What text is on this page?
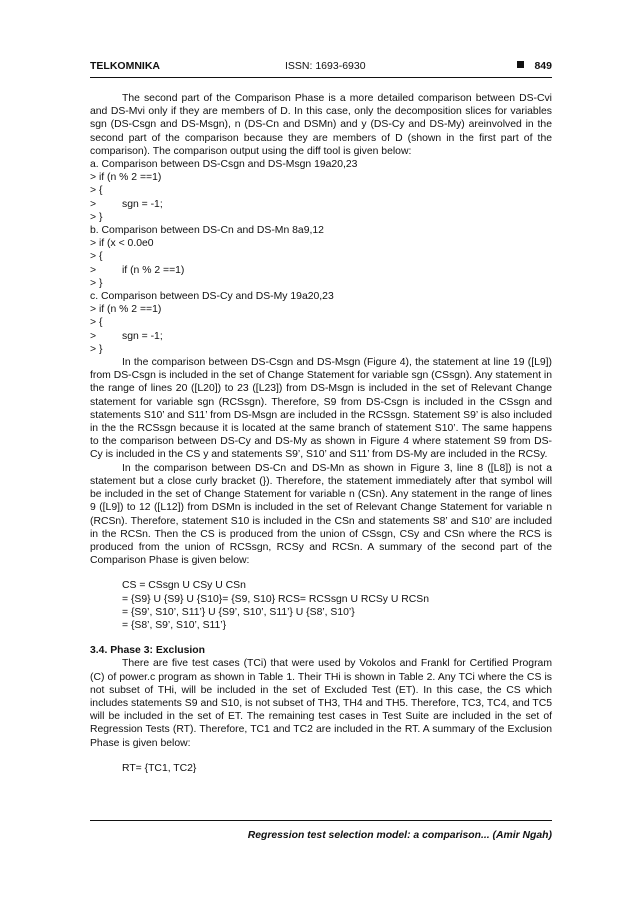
TELKOMNIKA	ISSN: 1693-6930	849

The second part of the Comparison Phase is a more detailed comparison between DS-Cvi and DS-Mvi only if they are members of D. In this case, only the decomposition slices for variables sgn (DS-Csgn and DS-Msgn), n (DS-Cn and DSMn) and y (DS-Cy and DS-My) areinvolved in the second part of the comparison because they are members of D (shown in the first part of the comparison). The comparison output using the diff tool is given below:

a. Comparison between DS-Csgn and DS-Msgn 19a20,23

> if (n % 2 ==1)

> {

> sgn = -1;

> }

b. Comparison between DS-Cn and DS-Mn 8a9,12

> if (x < 0.0e0

> {

> if (n % 2 ==1)

> }

c. Comparison between DS-Cy and DS-My 19a20,23

> if (n % 2 ==1)

> {

> sgn = -1;

> }

In the comparison between DS-Csgn and DS-Msgn (Figure 4), the statement at line 19 ([L9]) from DS-Csgn is included in the set of Change Statement for variable sgn (CSsgn). Any statement in the range of lines 20 ([L20]) to 23 ([L23]) from DS-Msgn is included in the set of Relevant Change statement for variable sgn (RCSsgn). Therefore, S9 from DS-Csgn is included in the CSsgn and statements S10’ and S11’ from DS-Msgn are included in the RCSsgn. Statement S9’ is also included in the the RCSsgn because it is located at the same branch of statement S10’. The same happens to the comparison between DS-Cy and DS-My as shown in Figure 4 where statement S9 from DS-Cy is included in the CS y and statements S9’, S10’ and S11’ from DS-My are included in the RCSy.

In the comparison between DS-Cn and DS-Mn as shown in Figure 3, line 8 ([L8]) is not a statement but a close curly bracket (}). Therefore, the statement immediately after that symbol will be included in the set of Change Statement for variable n (CSn). Any statement in the range of lines 9 ([L9]) to 12 ([L12]) from DSMn is included in the set of Relevant Change Statement for variable n (RCSn). Therefore, statement S10 is included in the CSn and statements S8’ and S10’ are included in the RCSn. Then the CS is produced from the union of CSsgn, CSy and CSn where the RCS is produced from the union of RCSsgn, RCSy and RCSn. A summary of the second part of the Comparison Phase is given below:

CS = CSsgn U CSy U CSn
= {S9} U {S9} U {S10}= {S9, S10} RCS= RCSsgn U RCSy U RCSn
= {S9’, S10’, S11’} U {S9’, S10’, S11’} U {S8’, S10’}
= {S8’, S9’, S10’, S11’}

3.4. Phase 3: Exclusion

There are five test cases (TCi) that were used by Vokolos and Frankl for Certified Program (C) of power.c program as shown in Table 1. Their THi is shown in Table 2. Any TCi where the CS is not subset of THi, will be included in the set of Excluded Test (ET). In this case, the CS which includes statements S9 and S10, is not subset of TH3, TH4 and TH5. Therefore, TC3, TC4, and TC5 will be included in the set of ET. The remaining test cases in Test Suite are included in the set of Regression Tests (RT). Therefore, TC1 and TC2 are included in the RT. A summary of the Exclusion Phase is given below:

RT= {TC1, TC2}
Regression test selection model: a comparison... (Amir Ngah)
